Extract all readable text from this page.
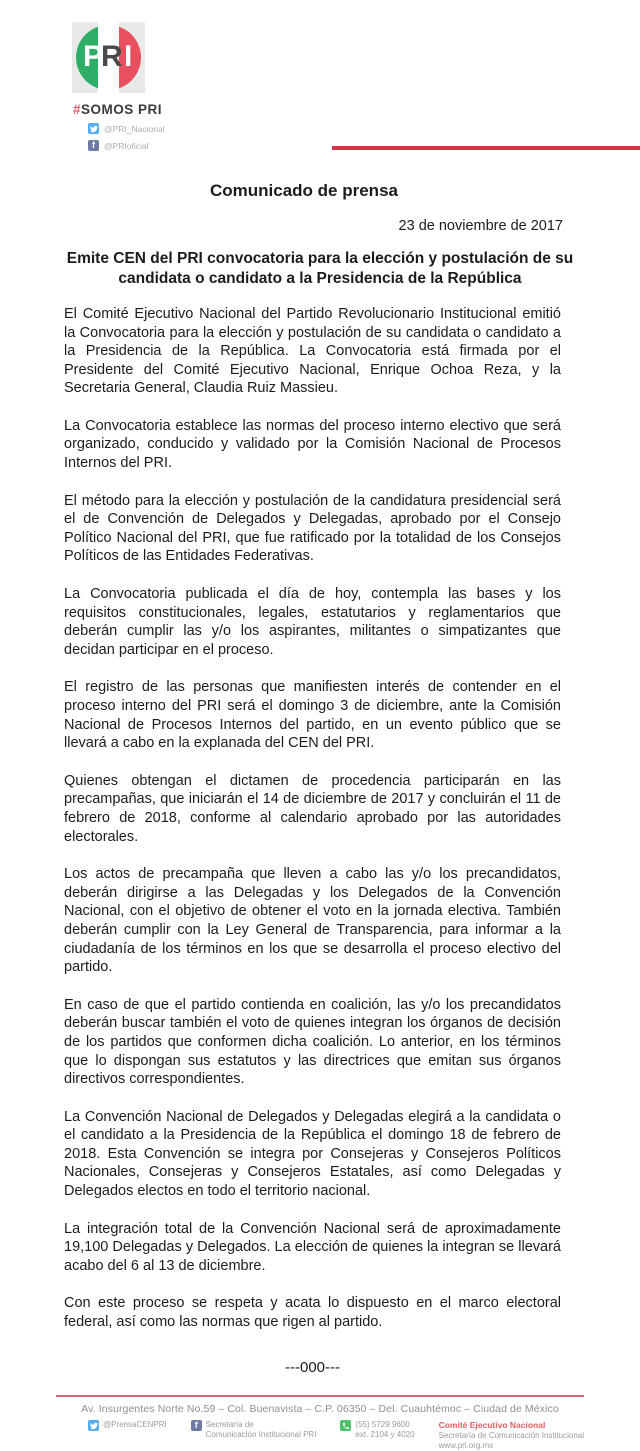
P
R I
#SOMOS PRI
@PRI_Nacional
f	@PRIoficial
Comunicado de prensa
23 de noviembre de 2017
Emite CEN del PRI convocatoria para la elección y postulación de su candidata o candidato a la Presidencia de la República

El Comité Ejecutivo Nacional del Partido Revolucionario Institucional emitió la Convocatoria para la elección y postulación de su candidata o candidato a la Presidencia de la República. La Convocatoria está firmada por el Presidente del Comité Ejecutivo Nacional, Enrique Ochoa Reza, y la Secretaria General, Claudia Ruiz Massieu.

La Convocatoria establece las normas del proceso interno electivo que será organizado, conducido y validado por la Comisión Nacional de Procesos Internos del PRI.

El método para la elección y postulación de la candidatura presidencial será el de Convención de Delegados y Delegadas, aprobado por el Consejo Político Nacional del PRI, que fue ratificado por la totalidad de los Consejos Políticos de las Entidades Federativas.

La Convocatoria publicada el día de hoy, contempla las bases y los requisitos constitucionales, legales, estatutarios y reglamentarios que deberán cumplir las y/o los aspirantes, militantes o simpatizantes que decidan participar en el proceso.

El registro de las personas que manifiesten interés de contender en el proceso interno del PRI será el domingo 3 de diciembre, ante la Comisión Nacional de Procesos Internos del partido, en un evento público que se llevará a cabo en la explanada del CEN del PRI.

Quienes obtengan el dictamen de procedencia participarán en las precampañas, que iniciarán el 14 de diciembre de 2017 y concluirán el 11 de febrero de 2018, conforme al calendario aprobado por las autoridades electorales.

Los actos de precampaña que lleven a cabo las y/o los precandidatos, deberán dirigirse a las Delegadas y los Delegados de la Convención Nacional, con el objetivo de obtener el voto en la jornada electiva. También deberán cumplir con la Ley General de Transparencia, para informar a la ciudadanía de los términos en los que se desarrolla el proceso electivo del partido.

En caso de que el partido contienda en coalición, las y/o los precandidatos deberán buscar también el voto de quienes integran los órganos de decisión de los partidos que conformen dicha coalición. Lo anterior, en los términos que lo dispongan sus estatutos y las directrices que emitan sus órganos directivos correspondientes.

La Convención Nacional de Delegados y Delegadas elegirá a la candidata o el candidato a la Presidencia de la República el domingo 18 de febrero de 2018. Esta Convención se integra por Consejeras y Consejeros Políticos Nacionales, Consejeras y Consejeros Estatales, así como Delegadas y Delegados electos en todo el territorio nacional.

La integración total de la Convención Nacional será de aproximadamente 19,100 Delegadas y Delegados. La elección de quienes la integran se llevará acabo del 6 al 13 de diciembre.

Con este proceso se respeta y acata lo dispuesto en el marco electoral federal, así como las normas que rigen al partido.

---000---
Av. Insurgentes Norte No.59 – Col. Buenavista – C.P. 06350 – Del. Cuauhtémoc – Ciudad de México
@PrensaCENPRI	f	Secretaría de
Comunicación Institucional PRI
(55) 5729 9600
ext. 2104 y 4020
Comité Ejecutivo Nacional
Secretaría de Comunicación Institucional
www.pri.org.mx
